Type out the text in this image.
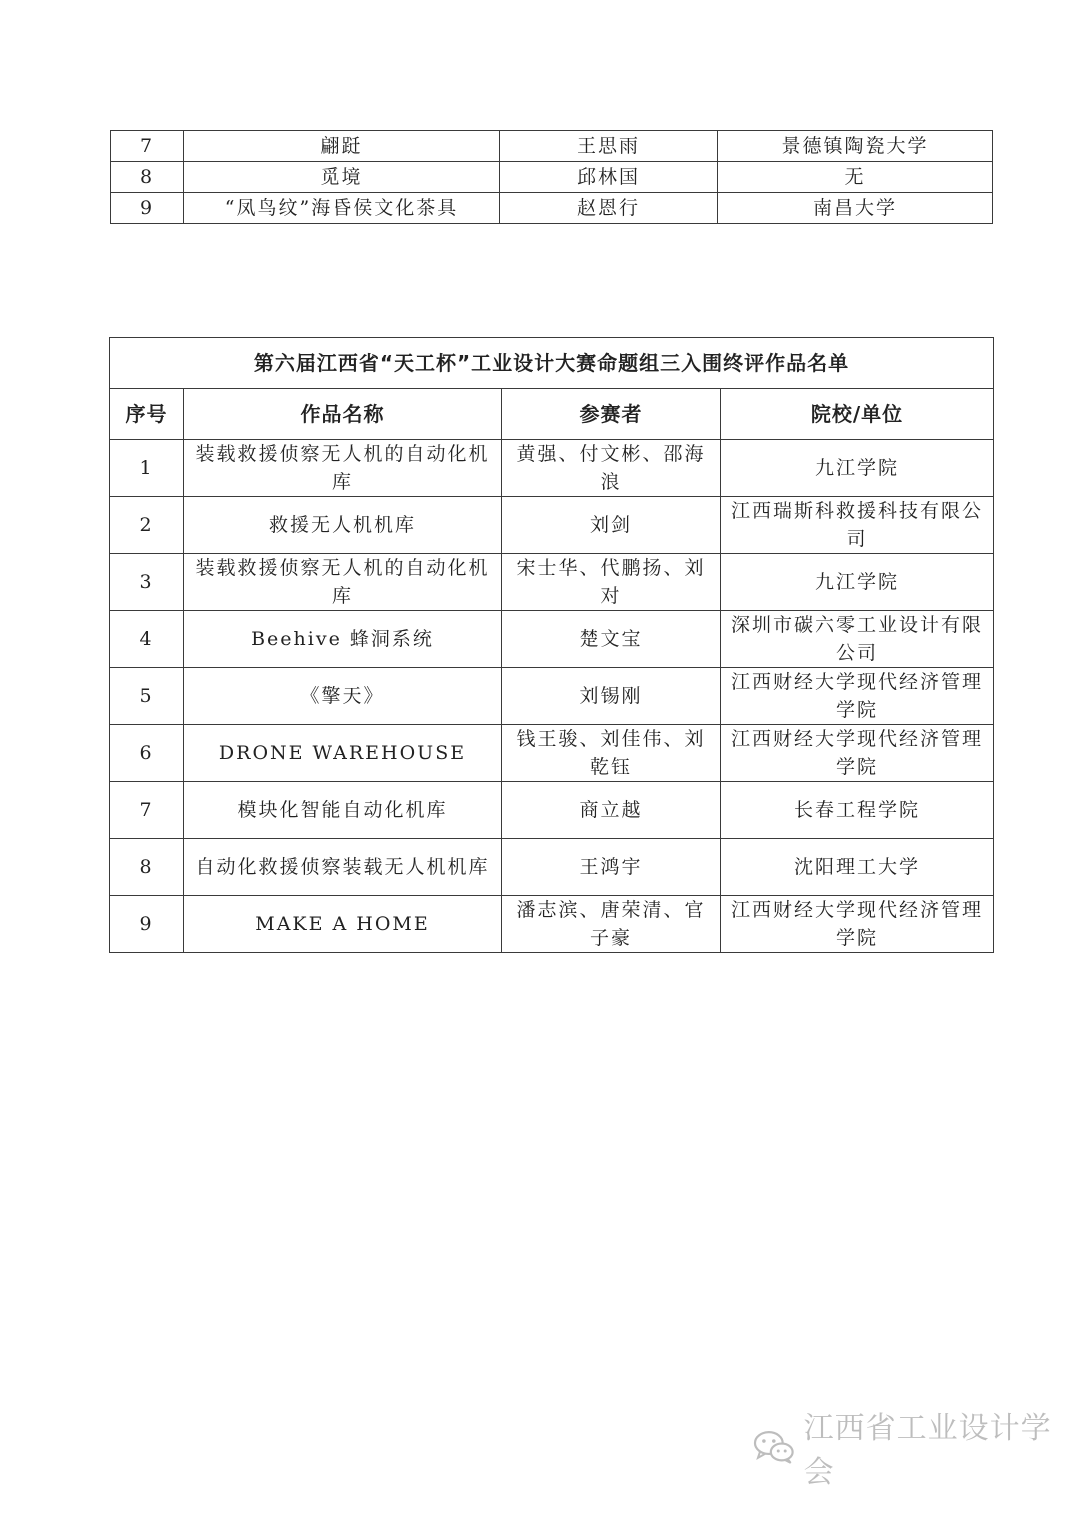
7	翩跹	王思雨	景德镇陶瓷大学
8	觅境	邱林国	无
9	“凤鸟纹”海昏侯文化茶具	赵恩行	南昌大学
第六届江西省“天工杯”工业设计大赛命题组三入围终评作品名单			
序号	作品名称	参赛者	院校/单位
1	装载救援侦察无人机的自动化机库	黄强、付文彬、邵海浪	九江学院
2	救援无人机机库	刘剑	江西瑞斯科救援科技有限公司
3	装载救援侦察无人机的自动化机库	宋士华、代鹏扬、刘对	九江学院
4	Beehive 蜂洞系统	楚文宝	深圳市碳六零工业设计有限公司
5	《擎天》	刘锡刚	江西财经大学现代经济管理学院
6	DRONE WAREHOUSE	钱王骏、刘佳伟、刘乾钰	江西财经大学现代经济管理学院
7	模块化智能自动化机库	商立越	长春工程学院
8	自动化救援侦察装载无人机机库	王鸿宇	沈阳理工大学
9	MAKE A HOME	潘志滨、唐荣清、官子豪	江西财经大学现代经济管理学院
江西省工业设计学会
